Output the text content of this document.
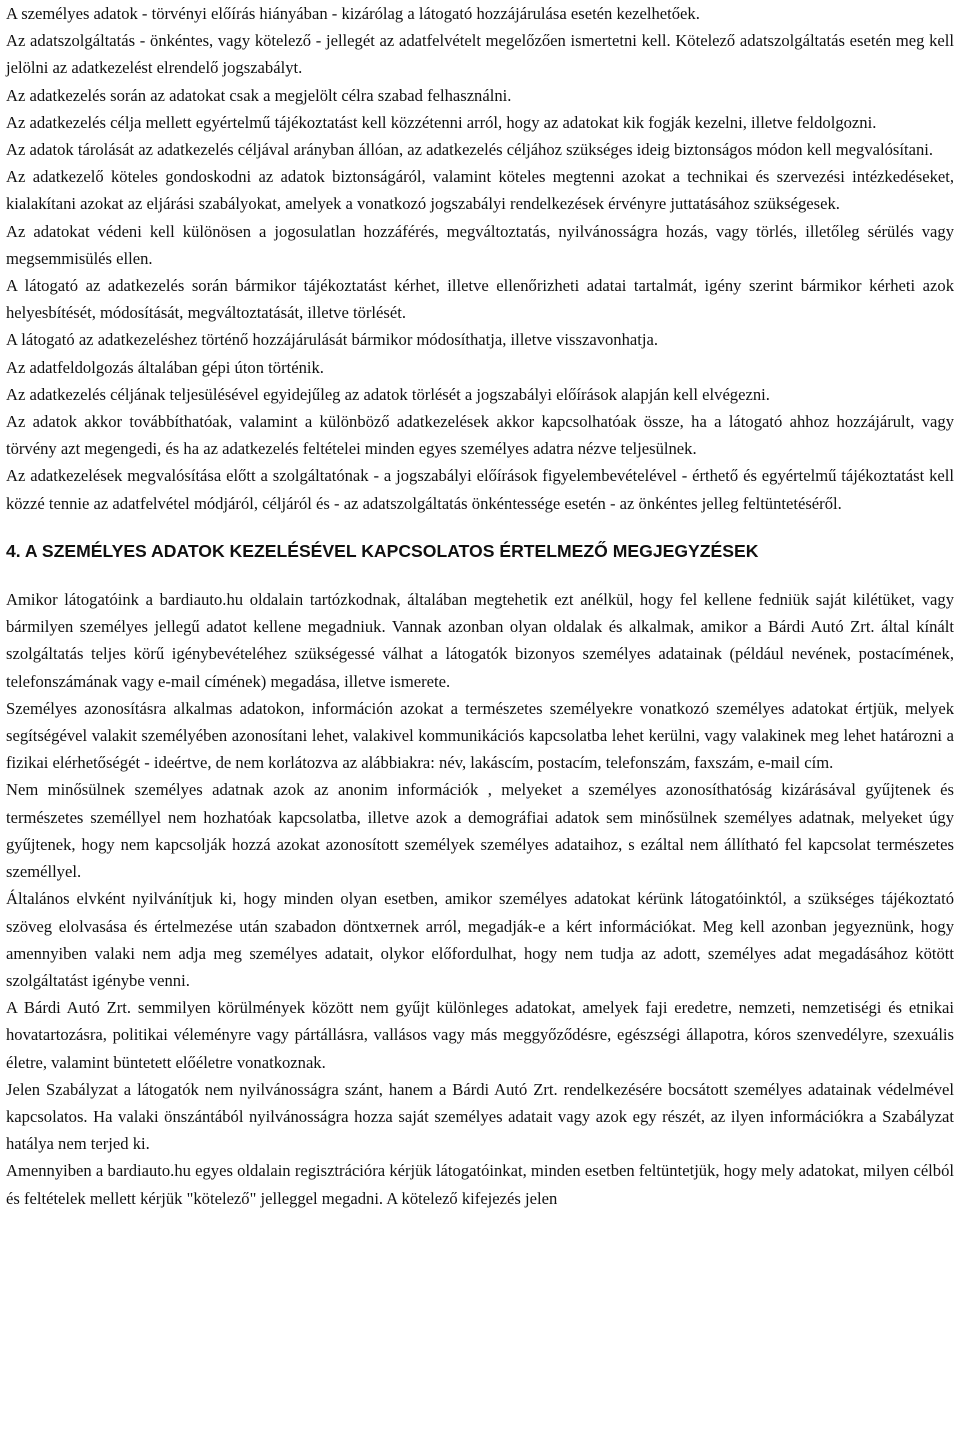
A személyes adatok - törvényi előírás hiányában - kizárólag a látogató hozzájárulása esetén kezelhetőek.

Az adatszolgáltatás - önkéntes, vagy kötelező - jellegét az adatfelvételt megelőzően ismertetni kell. Kötelező adatszolgáltatás esetén meg kell jelölni az adatkezelést elrendelő jogszabályt.

Az adatkezelés során az adatokat csak a megjelölt célra szabad felhasználni.

Az adatkezelés célja mellett egyértelmű tájékoztatást kell közzétenni arról, hogy az adatokat kik fogják kezelni, illetve feldolgozni.

Az adatok tárolását az adatkezelés céljával arányban állóan, az adatkezelés céljához szükséges ideig biztonságos módon kell megvalósítani.

Az adatkezelő köteles gondoskodni az adatok biztonságáról, valamint köteles megtenni azokat a technikai és szervezési intézkedéseket, kialakítani azokat az eljárási szabályokat, amelyek a vonatkozó jogszabályi rendelkezések érvényre juttatásához szükségesek.

Az adatokat védeni kell különösen a jogosulatlan hozzáférés, megváltoztatás, nyilvánosságra hozás, vagy törlés, illetőleg sérülés vagy megsemmisülés ellen.

A látogató az adatkezelés során bármikor tájékoztatást kérhet, illetve ellenőrizheti adatai tartalmát, igény szerint bármikor kérheti azok helyesbítését, módosítását, megváltoztatását, illetve törlését.

A látogató az adatkezeléshez történő hozzájárulását bármikor módosíthatja, illetve visszavonhatja.

Az adatfeldolgozás általában gépi úton történik.

Az adatkezelés céljának teljesülésével egyidejűleg az adatok törlését a jogszabályi előírások alapján kell elvégezni.

Az adatok akkor továbbíthatóak, valamint a különböző adatkezelések akkor kapcsolhatóak össze, ha a látogató ahhoz hozzájárult, vagy törvény azt megengedi, és ha az adatkezelés feltételei minden egyes személyes adatra nézve teljesülnek.

Az adatkezelések megvalósítása előtt a szolgáltatónak - a jogszabályi előírások figyelembevételével - érthető és egyértelmű tájékoztatást kell közzé tennie az adatfelvétel módjáról, céljáról és - az adatszolgáltatás önkéntessége esetén - az önkéntes jelleg feltüntetéséről.

4. A SZEMÉLYES ADATOK KEZELÉSÉVEL KAPCSOLATOS ÉRTELMEZŐ MEGJEGYZÉSEK

Amikor látogatóink a bardiauto.hu oldalain tartózkodnak, általában megtehetik ezt anélkül, hogy fel kellene fedniük saját kilétüket, vagy bármilyen személyes jellegű adatot kellene megadniuk. Vannak azonban olyan oldalak és alkalmak, amikor a Bárdi Autó Zrt. által kínált szolgáltatás teljes körű igénybevételéhez szükségessé válhat a látogatók bizonyos személyes adatainak (például nevének, postacímének, telefonszámának vagy e-mail címének) megadása, illetve ismerete.

Személyes azonosításra alkalmas adatokon, információn azokat a természetes személyekre vonatkozó személyes adatokat értjük, melyek segítségével valakit személyében azonosítani lehet, valakivel kommunikációs kapcsolatba lehet kerülni, vagy valakinek meg lehet határozni a fizikai elérhetőségét - ideértve, de nem korlátozva az alábbiakra: név, lakáscím, postacím, telefonszám, faxszám, e-mail cím.

Nem minősülnek személyes adatnak azok az anonim információk , melyeket a személyes azonosíthatóság kizárásával gyűjtenek és természetes személlyel nem hozhatóak kapcsolatba, illetve azok a demográfiai adatok sem minősülnek személyes adatnak, melyeket úgy gyűjtenek, hogy nem kapcsolják hozzá azokat azonosított személyek személyes adataihoz, s ezáltal nem állítható fel kapcsolat természetes személlyel.

Általános elvként nyilvánítjuk ki, hogy minden olyan esetben, amikor személyes adatokat kérünk látogatóinktól, a szükséges tájékoztató szöveg elolvasása és értelmezése után szabadon döntхетnek arról, megadják-e a kért információkat. Meg kell azonban jegyeznünk, hogy amennyiben valaki nem adja meg személyes adatait, olykor előfordulhat, hogy nem tudja az adott, személyes adat megadásához kötött szolgáltatást igénybe venni.

A Bárdi Autó Zrt. semmilyen körülmények között nem gyűjt különleges adatokat, amelyek faji eredetre, nemzeti, nemzetiségi és etnikai hovatartozásra, politikai véleményre vagy pártállásra, vallásos vagy más meggyőződésre, egészségi állapotra, kóros szenvedélyre, szexuális életre, valamint büntetett előéletre vonatkoznak.

Jelen Szabályzat a látogatók nem nyilvánosságra szánt, hanem a Bárdi Autó Zrt. rendelkezésére bocsátott személyes adatainak védelmével kapcsolatos. Ha valaki önszántából nyilvánosságra hozza saját személyes adatait vagy azok egy részét, az ilyen információkra a Szabályzat hatálya nem terjed ki.

Amennyiben a bardiauto.hu egyes oldalain regisztrációra kérjük látogatóinkat, minden esetben feltüntetjük, hogy mely adatokat, milyen célból és feltételek mellett kérjük "kötelező" jelleggel megadni. A kötelező kifejezés jelen
